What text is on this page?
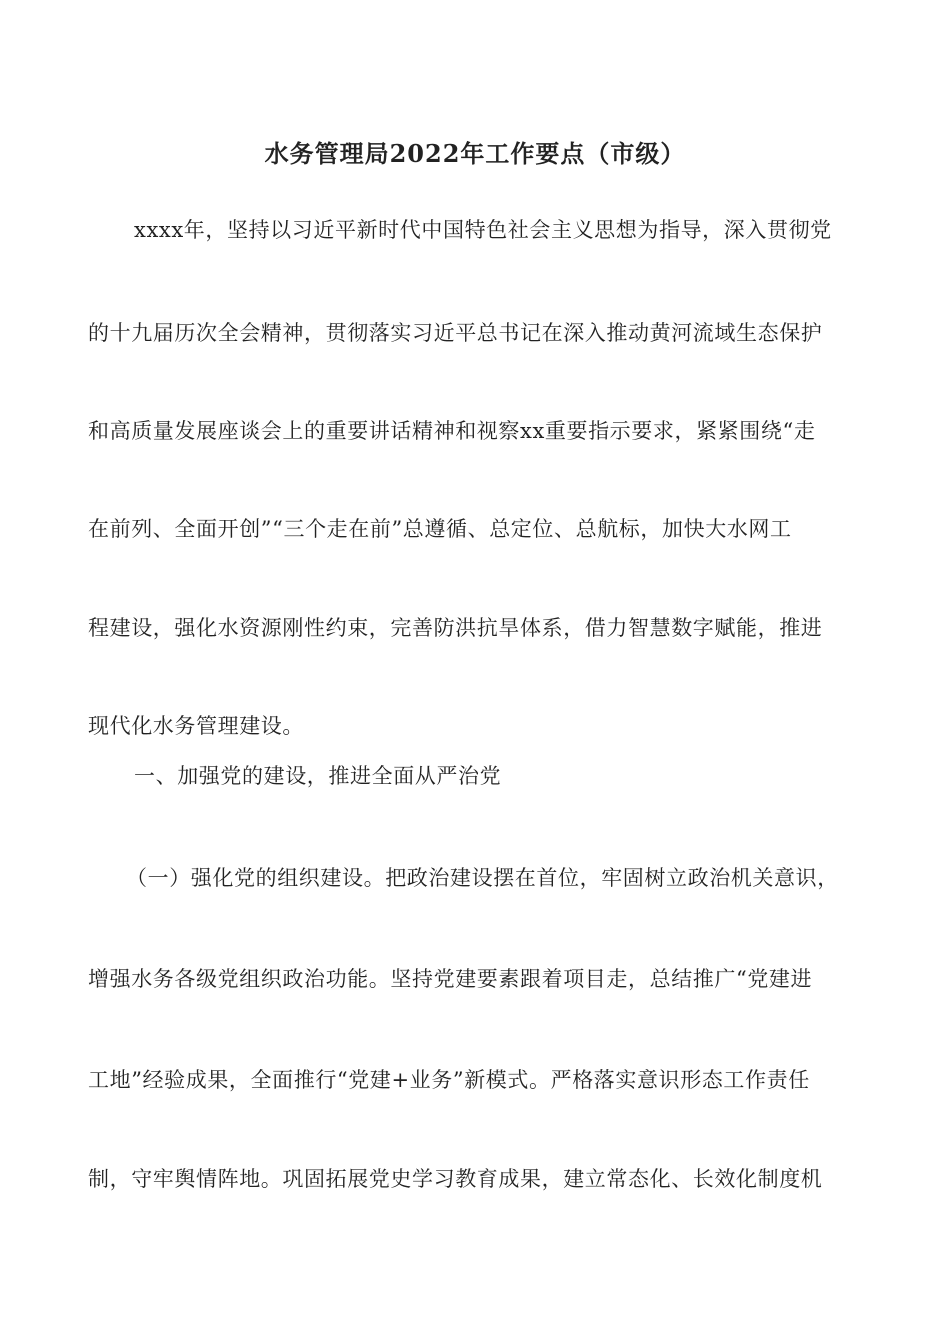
水务管理局2022年工作要点（市级）
xxxx年，坚持以习近平新时代中国特色社会主义思想为指导，深入贯彻党
的十九届历次全会精神，贯彻落实习近平总书记在深入推动黄河流域生态保护
和高质量发展座谈会上的重要讲话精神和视察xx重要指示要求，紧紧围绕“走
在前列、全面开创”“三个走在前”总遵循、总定位、总航标，加快大水网工
程建设，强化水资源刚性约束，完善防洪抗旱体系，借力智慧数字赋能，推进
现代化水务管理建设。
一、加强党的建设，推进全面从严治党
（一）强化党的组织建设。把政治建设摆在首位，牢固树立政治机关意识，
增强水务各级党组织政治功能。坚持党建要素跟着项目走，总结推广“党建进
工地”经验成果，全面推行“党建+业务”新模式。严格落实意识形态工作责任
制，守牢舆情阵地。巩固拓展党史学习教育成果，建立常态化、长效化制度机
